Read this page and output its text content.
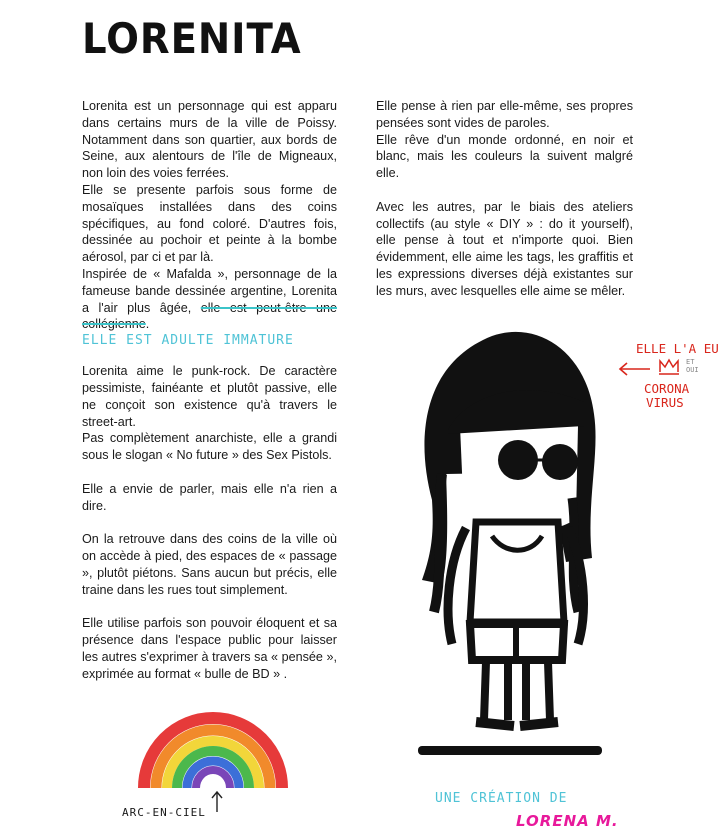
LORENITA

Lorenita est un personnage qui est apparu dans certains murs de la ville de Poissy. Notamment dans son quartier, aux bords de Seine, aux alentours de l'île de Migneaux, non loin des voies ferrées.

Elle se presente parfois sous forme de mosaïques installées dans des coins spécifiques, au fond coloré. D'autres fois, dessinée au pochoir et peinte à la bombe aérosol, par ci et par là.

Inspirée de « Mafalda », personnage de la fameuse bande dessinée argentine, Lorenita a l'air plus âgée, elle est peut-être une collégienne.

Lorenita aime le punk-rock. De caractère pessimiste, fainéante et plutôt passive, elle ne conçoit son existence qu'à travers le street-art.

Pas complètement anarchiste, elle a grandi sous le slogan « No future » des Sex Pistols.

Elle a envie de parler, mais elle n'a rien a dire.

On la retrouve dans des coins de la ville où on accède à pied, des espaces de « passage », plutôt piétons. Sans aucun but précis, elle traine dans les rues tout simplement.

Elle utilise parfois son pouvoir éloquent et sa présence dans l'espace public pour laisser les autres s'exprimer à travers sa « pensée », exprimée au format « bulle de BD » .

Elle pense à rien par elle-même, ses propres pensées sont vides de paroles.

Elle rêve d'un monde ordonné, en noir et blanc, mais les couleurs la suivent malgré elle.

Avec les autres, par le biais des ateliers collectifs (au style « DIY » : do it yourself), elle pense à tout et n'importe quoi. Bien évidemment, elle aime les tags, les graffitis et les expressions diverses déjà existantes sur les murs, avec lesquelles elle aime se mêler.

ELLE EST ADULTE IMMATURE
ELLE L'A EU
ET OUI
CORONA
VIRUS
ARC-EN-CIEL
UNE CRÉATION DE
LORENA M.
